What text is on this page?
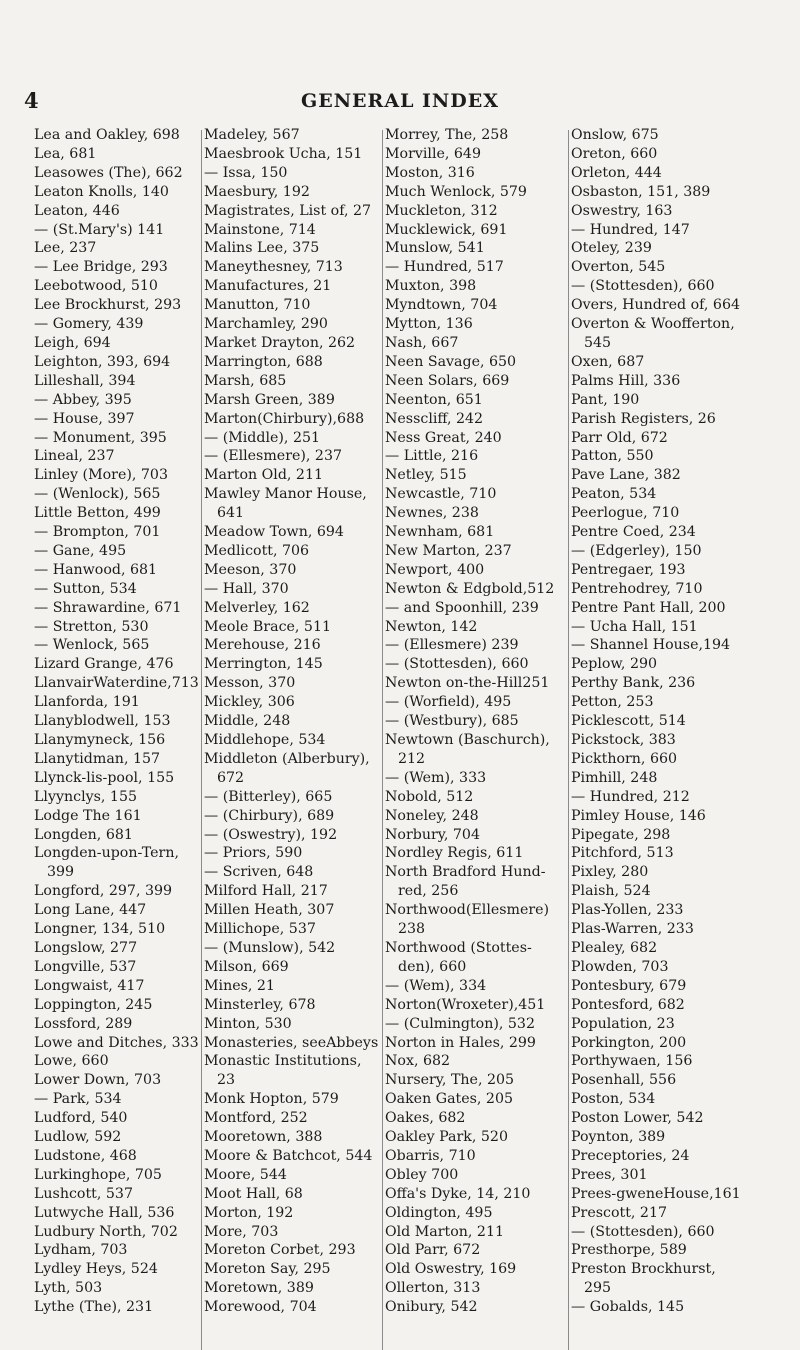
4	GENERAL INDEX
Lea and Oakley, 698
Lea, 681
Leasowes (The), 662
Leaton Knolls, 140
Leaton, 446
— (St.Mary's) 141
Lee, 237
— Lee Bridge, 293
Leebotwood, 510
Lee Brockhurst, 293
— Gomery, 439
Leigh, 694
Leighton, 393, 694
Lilleshall, 394
— Abbey, 395
— House, 397
— Monument, 395
Lineal, 237
Linley (More), 703
— (Wenlock), 565
Little Betton, 499
— Brompton, 701
— Gane, 495
— Hanwood, 681
— Sutton, 534
— Shrawardine, 671
— Stretton, 530
— Wenlock, 565
Lizard Grange, 476
LlanvairWaterdine,713
Llanforda, 191
Llanyblodwell, 153
Llanymyneck, 156
Llanytidman, 157
Llynck-lis-pool, 155
Llyynclys, 155
Lodge The 161
Longden, 681
Longden-upon-Tern,
399
Longford, 297, 399
Long Lane, 447
Longner, 134, 510
Longslow, 277
Longville, 537
Longwaist, 417
Loppington, 245
Lossford, 289
Lowe and Ditches, 333
Lowe, 660
Lower Down, 703
— Park, 534
Ludford, 540
Ludlow, 592
Ludstone, 468
Lurkinghope, 705
Lushcott, 537
Lutwyche Hall, 536
Ludbury North, 702
Lydham, 703
Lydley Heys, 524
Lyth, 503
Lythe (The), 231
Madeley, 567
Maesbrook Ucha, 151
— Issa, 150
Maesbury, 192
Magistrates, List of, 27
Mainstone, 714
Malins Lee, 375
Maneythesney, 713
Manufactures, 21
Manutton, 710
Marchamley, 290
Market Drayton, 262
Marrington, 688
Marsh, 685
Marsh Green, 389
Marton(Chirbury),688
— (Middle), 251
— (Ellesmere), 237
Marton Old, 211
Mawley Manor House,
641
Meadow Town, 694
Medlicott, 706
Meeson, 370
— Hall, 370
Melverley, 162
Meole Brace, 511
Merehouse, 216
Merrington, 145
Messon, 370
Mickley, 306
Middle, 248
Middlehope, 534
Middleton (Alberbury),
672
— (Bitterley), 665
— (Chirbury), 689
— (Oswestry), 192
— Priors, 590
— Scriven, 648
Milford Hall, 217
Millen Heath, 307
Millichope, 537
— (Munslow), 542
Milson, 669
Mines, 21
Minsterley, 678
Minton, 530
Monasteries, seeAbbeys
Monastic Institutions,
23
Monk Hopton, 579
Montford, 252
Mooretown, 388
Moore & Batchcot, 544
Moore, 544
Moot Hall, 68
Morton, 192
More, 703
Moreton Corbet, 293
Moreton Say, 295
Moretown, 389
Morewood, 704
Morrey, The, 258
Morville, 649
Moston, 316
Much Wenlock, 579
Muckleton, 312
Mucklewick, 691
Munslow, 541
— Hundred, 517
Muxton, 398
Myndtown, 704
Mytton, 136
Nash, 667
Neen Savage, 650
Neen Solars, 669
Neenton, 651
Nesscliff, 242
Ness Great, 240
— Little, 216
Netley, 515
Newcastle, 710
Newnes, 238
Newnham, 681
New Marton, 237
Newport, 400
Newton & Edgbold,512
— and Spoonhill, 239
Newton, 142
— (Ellesmere) 239
— (Stottesden), 660
Newton on-the-Hill251
— (Worfield), 495
— (Westbury), 685
Newtown (Baschurch),
212
— (Wem), 333
Nobold, 512
Noneley, 248
Norbury, 704
Nordley Regis, 611
North Bradford Hund-
red, 256
Northwood(Ellesmere)
238
Northwood (Stottes-
den), 660
— (Wem), 334
Norton(Wroxeter),451
— (Culmington), 532
Norton in Hales, 299
Nox, 682
Nursery, The, 205
Oaken Gates, 205
Oakes, 682
Oakley Park, 520
Obarris, 710
Obley 700
Offa's Dyke, 14, 210
Oldington, 495
Old Marton, 211
Old Parr, 672
Old Oswestry, 169
Ollerton, 313
Onibury, 542
Onslow, 675
Oreton, 660
Orleton, 444
Osbaston, 151, 389
Oswestry, 163
— Hundred, 147
Oteley, 239
Overton, 545
— (Stottesden), 660
Overs, Hundred of, 664
Overton & Woofferton,
545
Oxen, 687
Palms Hill, 336
Pant, 190
Parish Registers, 26
Parr Old, 672
Patton, 550
Pave Lane, 382
Peaton, 534
Peerlogue, 710
Pentre Coed, 234
— (Edgerley), 150
Pentregaer, 193
Pentrehodrey, 710
Pentre Pant Hall, 200
— Ucha Hall, 151
— Shannel House,194
Peplow, 290
Perthy Bank, 236
Petton, 253
Picklescott, 514
Pickstock, 383
Pickthorn, 660
Pimhill, 248
— Hundred, 212
Pimley House, 146
Pipegate, 298
Pitchford, 513
Pixley, 280
Plaish, 524
Plas-Yollen, 233
Plas-Warren, 233
Plealey, 682
Plowden, 703
Pontesbury, 679
Pontesford, 682
Population, 23
Porkington, 200
Porthywaen, 156
Posenhall, 556
Poston, 534
Poston Lower, 542
Poynton, 389
Preceptories, 24
Prees, 301
Prees-gweneHouse,161
Prescott, 217
— (Stottesden), 660
Presthorpe, 589
Preston Brockhurst,
295
— Gobalds, 145
